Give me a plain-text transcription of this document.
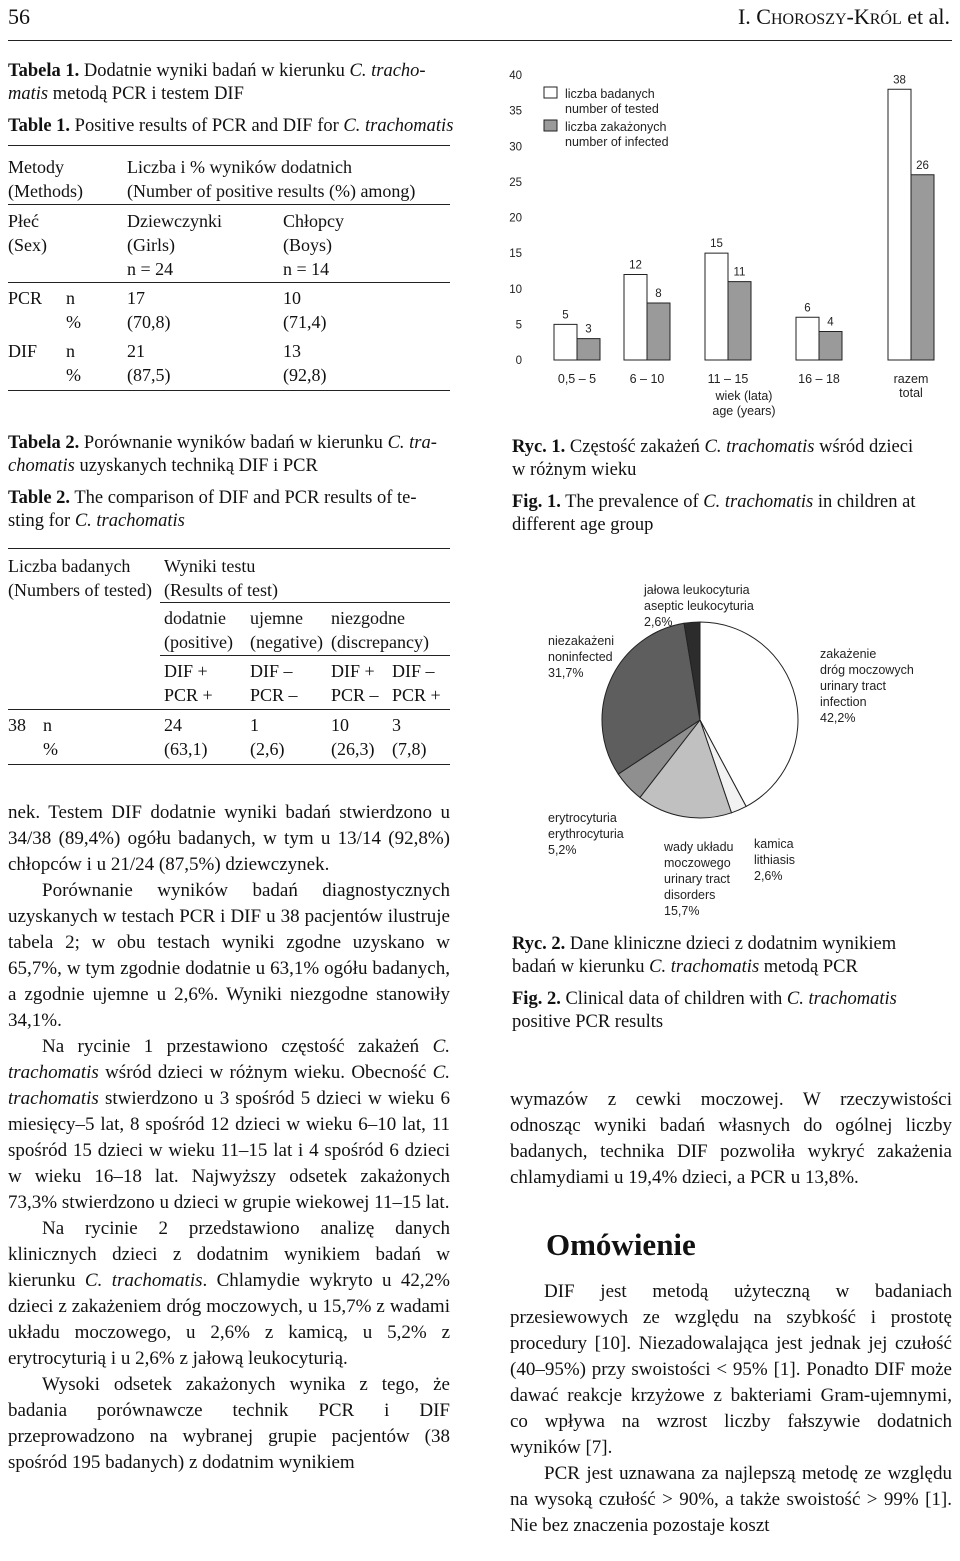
56	I. CHOROSZY-KRÓL et al.
Tabela 1. Dodatnie wyniki badań w kierunku C. tracho-
matis metodą PCR i testem DIF
Table 1. Positive results of PCR and DIF for C. trachomatis
Metody
(Methods)
Liczba i % wyników dodatnich
(Number of positive results (%) among)
Płeć
(Sex)
Dziewczynki
(Girls)
n = 24
Chłopcy
(Boys)
n = 14
PCR n
%
17
(70,8)
10
(71,4)
DIF n
%
21
(87,5)
13
(92,8)
Tabela 2. Porównanie wyników badań w kierunku C. tra-
chomatis uzyskanych techniką DIF i PCR
Table 2. The comparison of DIF and PCR results of te-
sting for C. trachomatis
Liczba badanych
(Numbers of tested)
Wyniki testu
(Results of test)
dodatnie
(positive)
ujemne
(negative)
niezgodne
(discrepancy)
DIF +
PCR +
DIF –
PCR –
DIF +
PCR –
DIF –
PCR +
38 n
%
24
(63,1)
1
(2,6)
10
(26,3)
3
(7,8)

nek. Testem DIF dodatnie wyniki badań stwierdzono u 34/38 (89,4%) ogółu badanych, w tym u 13/14 (92,8%) chłopców i u 21/24 (87,5%) dziewczynek.

Porównanie wyników badań diagnostycznych uzyskanych w testach PCR i DIF u 38 pacjentów ilustruje tabela 2; w obu testach wyniki zgodne uzyskano w 65,7%, w tym zgodnie dodatnie u 63,1% ogółu badanych, a zgodnie ujemne u 2,6%. Wyniki niezgodne stanowiły 34,1%.

Na rycinie 1 przestawiono częstość zakażeń C. trachomatis wśród dzieci w różnym wieku. Obecność C. trachomatis stwierdzono u 3 spośród 5 dzieci w wieku 6 miesięcy–5 lat, 8 spośród 12 dzieci w wieku 6–10 lat, 11 spośród 15 dzieci w wieku 11–15 lat i 4 spośród 6 dzieci w wieku 16–18 lat. Najwyższy odsetek zakażonych 73,3% stwierdzono u dzieci w grupie wiekowej 11–15 lat.

Na rycinie 2 przedstawiono analizę danych klinicznych dzieci z dodatnim wynikiem badań w kierunku C. trachomatis. Chlamydie wykryto u 42,2% dzieci z zakażeniem dróg moczowych, u 15,7% z wadami układu moczowego, u 2,6% z kamicą, u 5,2% z erytrocyturią i u 2,6% z jałową leukocyturią.

Wysoki odsetek zakażonych wynika z tego, że badania porównawcze technik PCR i DIF przeprowadzono na wybranej grupie pacjentów (38 spośród 195 badanych) z dodatnim wynikiem

0
5
10
15
20
25
30
35
40
5
3
0,5 – 5
12
8
6 – 10
15
11
11 – 15
6
4
16 – 18
38
26
razem
total
liczba badanych
number of tested
liczba zakażonych
number of infected
wiek (lata)
age (years)
Ryc. 1. Częstość zakażeń C. trachomatis wśród dzieci
w różnym wieku
Fig. 1. The prevalence of C. trachomatis in children at
different age group
niezakażeni
noninfected
31,7%
jałowa leukocyturia
aseptic leukocyturia
2,6%
zakażenie
dróg moczowych
urinary tract
infection
42,2%
erytrocyturia
erythrocyturia
5,2%	wady układu
moczowego
urinary tract
disorders
15,7%
kamica
lithiasis
2,6%
Ryc. 2. Dane kliniczne dzieci z dodatnim wynikiem
badań w kierunku C. trachomatis metodą PCR
Fig. 2. Clinical data of children with C. trachomatis
positive PCR results

wymazów z cewki moczowej. W rzeczywistości odnosząc wyniki badań własnych do ogólnej liczby badanych, technika DIF pozwoliła wykryć zakażenia chlamydiami u 19,4% dzieci, a PCR u 13,8%.

Omówienie

DIF jest metodą użyteczną w badaniach przesiewowych ze względu na szybkość i prostotę procedury [10]. Niezadowalająca jest jednak jej czułość (40–95%) przy swoistości < 95% [1]. Ponadto DIF może dawać reakcje krzyżowe z bakteriami Gram-ujemnymi, co wpływa na wzrost liczby fałszywie dodatnich wyników [7].

PCR jest uznawana za najlepszą metodę ze względu na wysoką czułość > 90%, a także swoistość > 99% [1]. Nie bez znaczenia pozostaje koszt
